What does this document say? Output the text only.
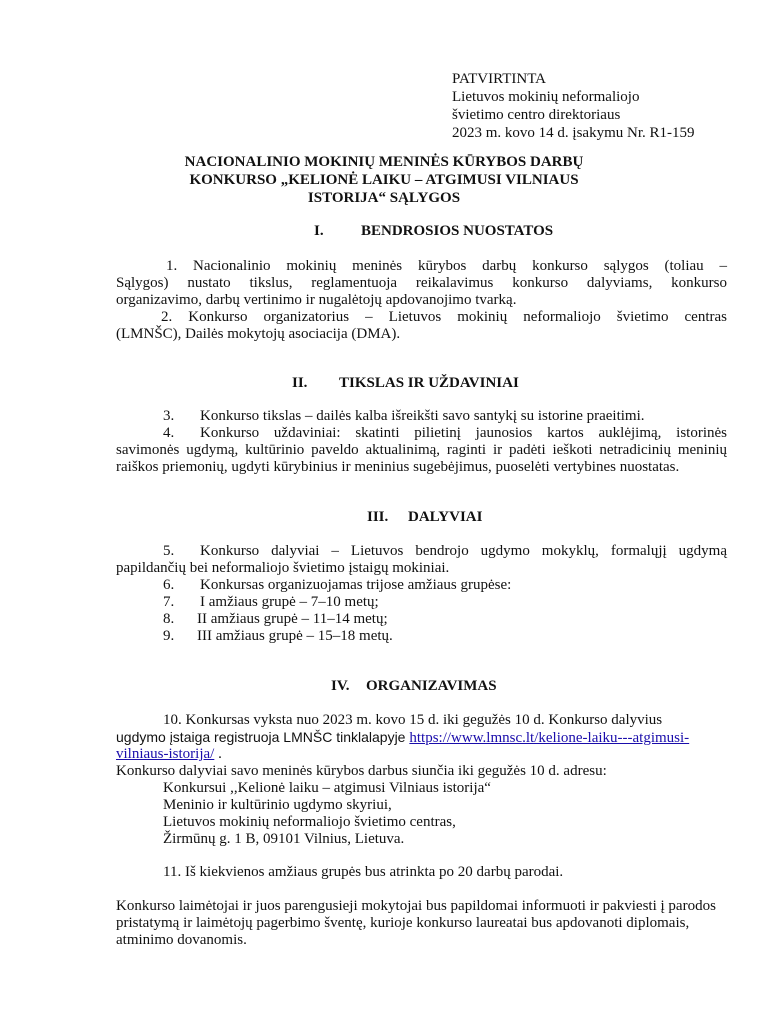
PATVIRTINTA
Lietuvos mokinių neformaliojo
švietimo centro direktoriaus
2023 m. kovo 14 d. įsakymu Nr. R1-159
NACIONALINIO MOKINIŲ MENINĖS KŪRYBOS DARBŲ
KONKURSO „KELIONĖ LAIKU – ATGIMUSI VILNIAUS
ISTORIJA“ SĄLYGOS
I. BENDROSIOS NUOSTATOS
1. Nacionalinio mokinių meninės kūrybos darbų konkurso sąlygos (toliau –
Sąlygos) nustato tikslus, reglamentuoja reikalavimus konkurso dalyviams, konkurso
organizavimo, darbų vertinimo ir nugalėtojų apdovanojimo tvarką.
2. Konkurso organizatorius – Lietuvos mokinių neformaliojo švietimo centras
(LMNŠC), Dailės mokytojų asociacija (DMA).
II. TIKSLAS IR UŽDAVINIAI
3. Konkurso tikslas – dailės kalba išreikšti savo santykį su istorine praeitimi.
4. Konkurso uždaviniai: skatinti pilietinį jaunosios kartos auklėjimą, istorinės
savimonės ugdymą, kultūrinio paveldo aktualinimą, raginti ir padėti ieškoti netradicinių meninių
raiškos priemonių, ugdyti kūrybinius ir meninius sugebėjimus, puoselėti vertybines nuostatas.
III. DALYVIAI
5. Konkurso dalyviai – Lietuvos bendrojo ugdymo mokyklų, formalųjį ugdymą
papildančių bei neformaliojo švietimo įstaigų mokiniai.
6. Konkursas organizuojamas trijose amžiaus grupėse:
7. I amžiaus grupė – 7–10 metų;
8. II amžiaus grupė – 11–14 metų;
9. III amžiaus grupė – 15–18 metų.
IV. ORGANIZAVIMAS
10. Konkursas vyksta nuo 2023 m. kovo 15 d. iki gegužės 10 d. Konkurso dalyvius
ugdymo įstaiga registruoja LMNŠC tinklalapyje https://www.lmnsc.lt/kelione-laiku---atgimusi-
vilniaus-istorija/ .
Konkurso dalyviai savo meninės kūrybos darbus siunčia iki gegužės 10 d. adresu:
Konkursui ,,Kelionė laiku – atgimusi Vilniaus istorija“
Meninio ir kultūrinio ugdymo skyriui,
Lietuvos mokinių neformaliojo švietimo centras,
Žirmūnų g. 1 B, 09101 Vilnius, Lietuva.
11. Iš kiekvienos amžiaus grupės bus atrinkta po 20 darbų parodai.
Konkurso laimėtojai ir juos parengusieji mokytojai bus papildomai informuoti ir pakviesti į parodos
pristatymą ir laimėtojų pagerbimo šventę, kurioje konkurso laureatai bus apdovanoti diplomais,
atminimo dovanomis.
